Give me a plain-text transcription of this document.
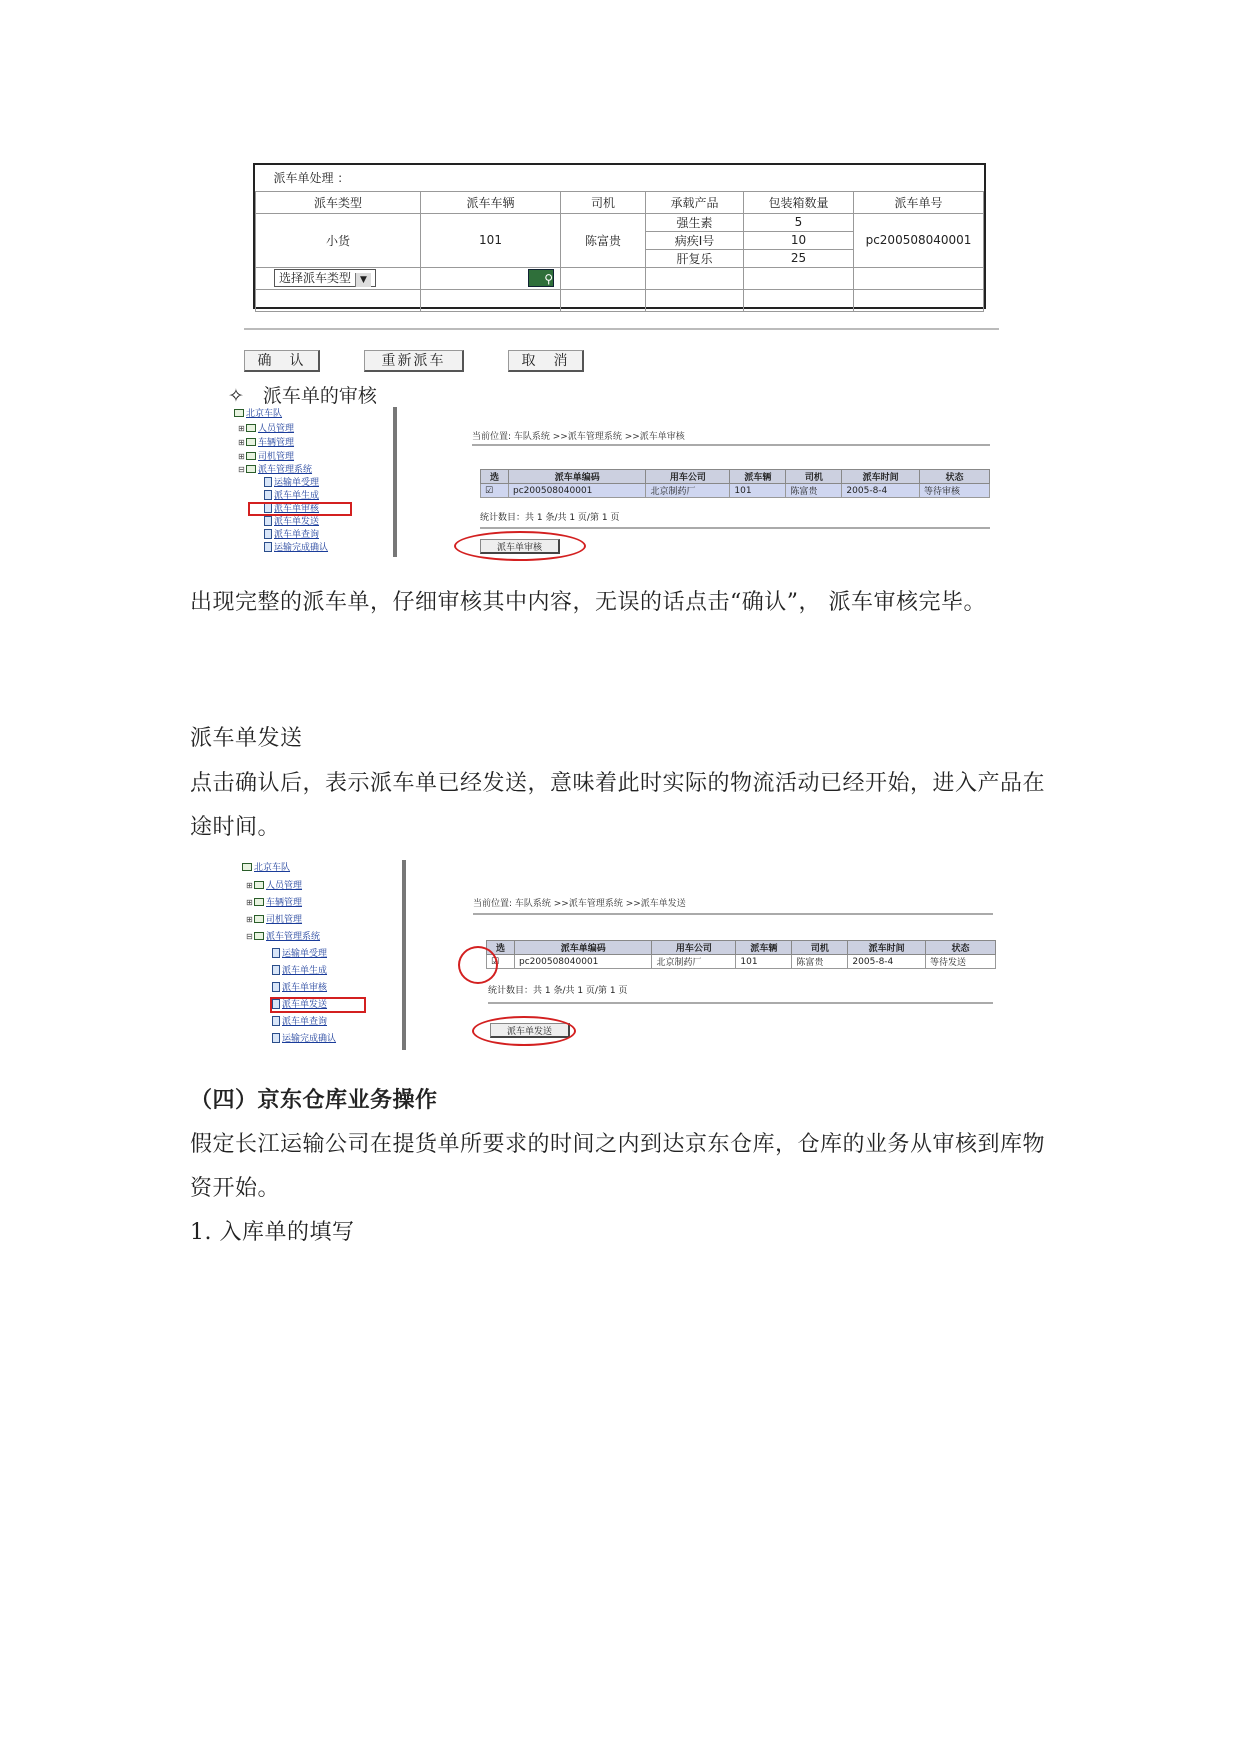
派车单处理 ：					
派车类型	派车车辆	司机	承载产品	包装箱数量	派车单号
小货	101	陈富贵	强生素	5	pc200508040001
			病疾Ⅰ号	10	
			肝复乐	25	
选择派车类型 ▼	⚲				

确　认	重新派车	取　消
✧　派车单的审核
北京车队
⊞ 人员管理
⊞ 车辆管理
⊞ 司机管理
⊟ 派车管理系统
运输单受理
派车单生成
派车单审核
派车单发送
派车单查询
运输完成确认
当前位置: 车队系统 >>派车管理系统 >>派车单审核
选	派车单编码	用车公司	派车辆	司机	派车时间	状态
☑	pc200508040001	北京制药厂	101	陈富贵	2005-8-4	等待审核
统计数目：共 1 条/共 1 页/第 1 页
派车单审核
出现完整的派车单，仔细审核其中内容，无误的话点击“确认”， 派车审核完毕。
派车单发送
点击确认后，表示派车单已经发送，意味着此时实际的物流活动已经开始，进入产品在途时间。
北京车队
⊞ 人员管理
⊞ 车辆管理
⊞ 司机管理
⊟ 派车管理系统
运输单受理
派车单生成
派车单审核
派车单发送
派车单查询
运输完成确认
当前位置: 车队系统 >>派车管理系统 >>派车单发送
选	派车单编码	用车公司	派车辆	司机	派车时间	状态
☑	pc200508040001	北京制药厂	101	陈富贵	2005-8-4	等待发送
统计数目：共 1 条/共 1 页/第 1 页
派车单发送
（四）京东仓库业务操作
假定长江运输公司在提货单所要求的时间之内到达京东仓库，仓库的业务从审核到库物资开始。
1. 入库单的填写
